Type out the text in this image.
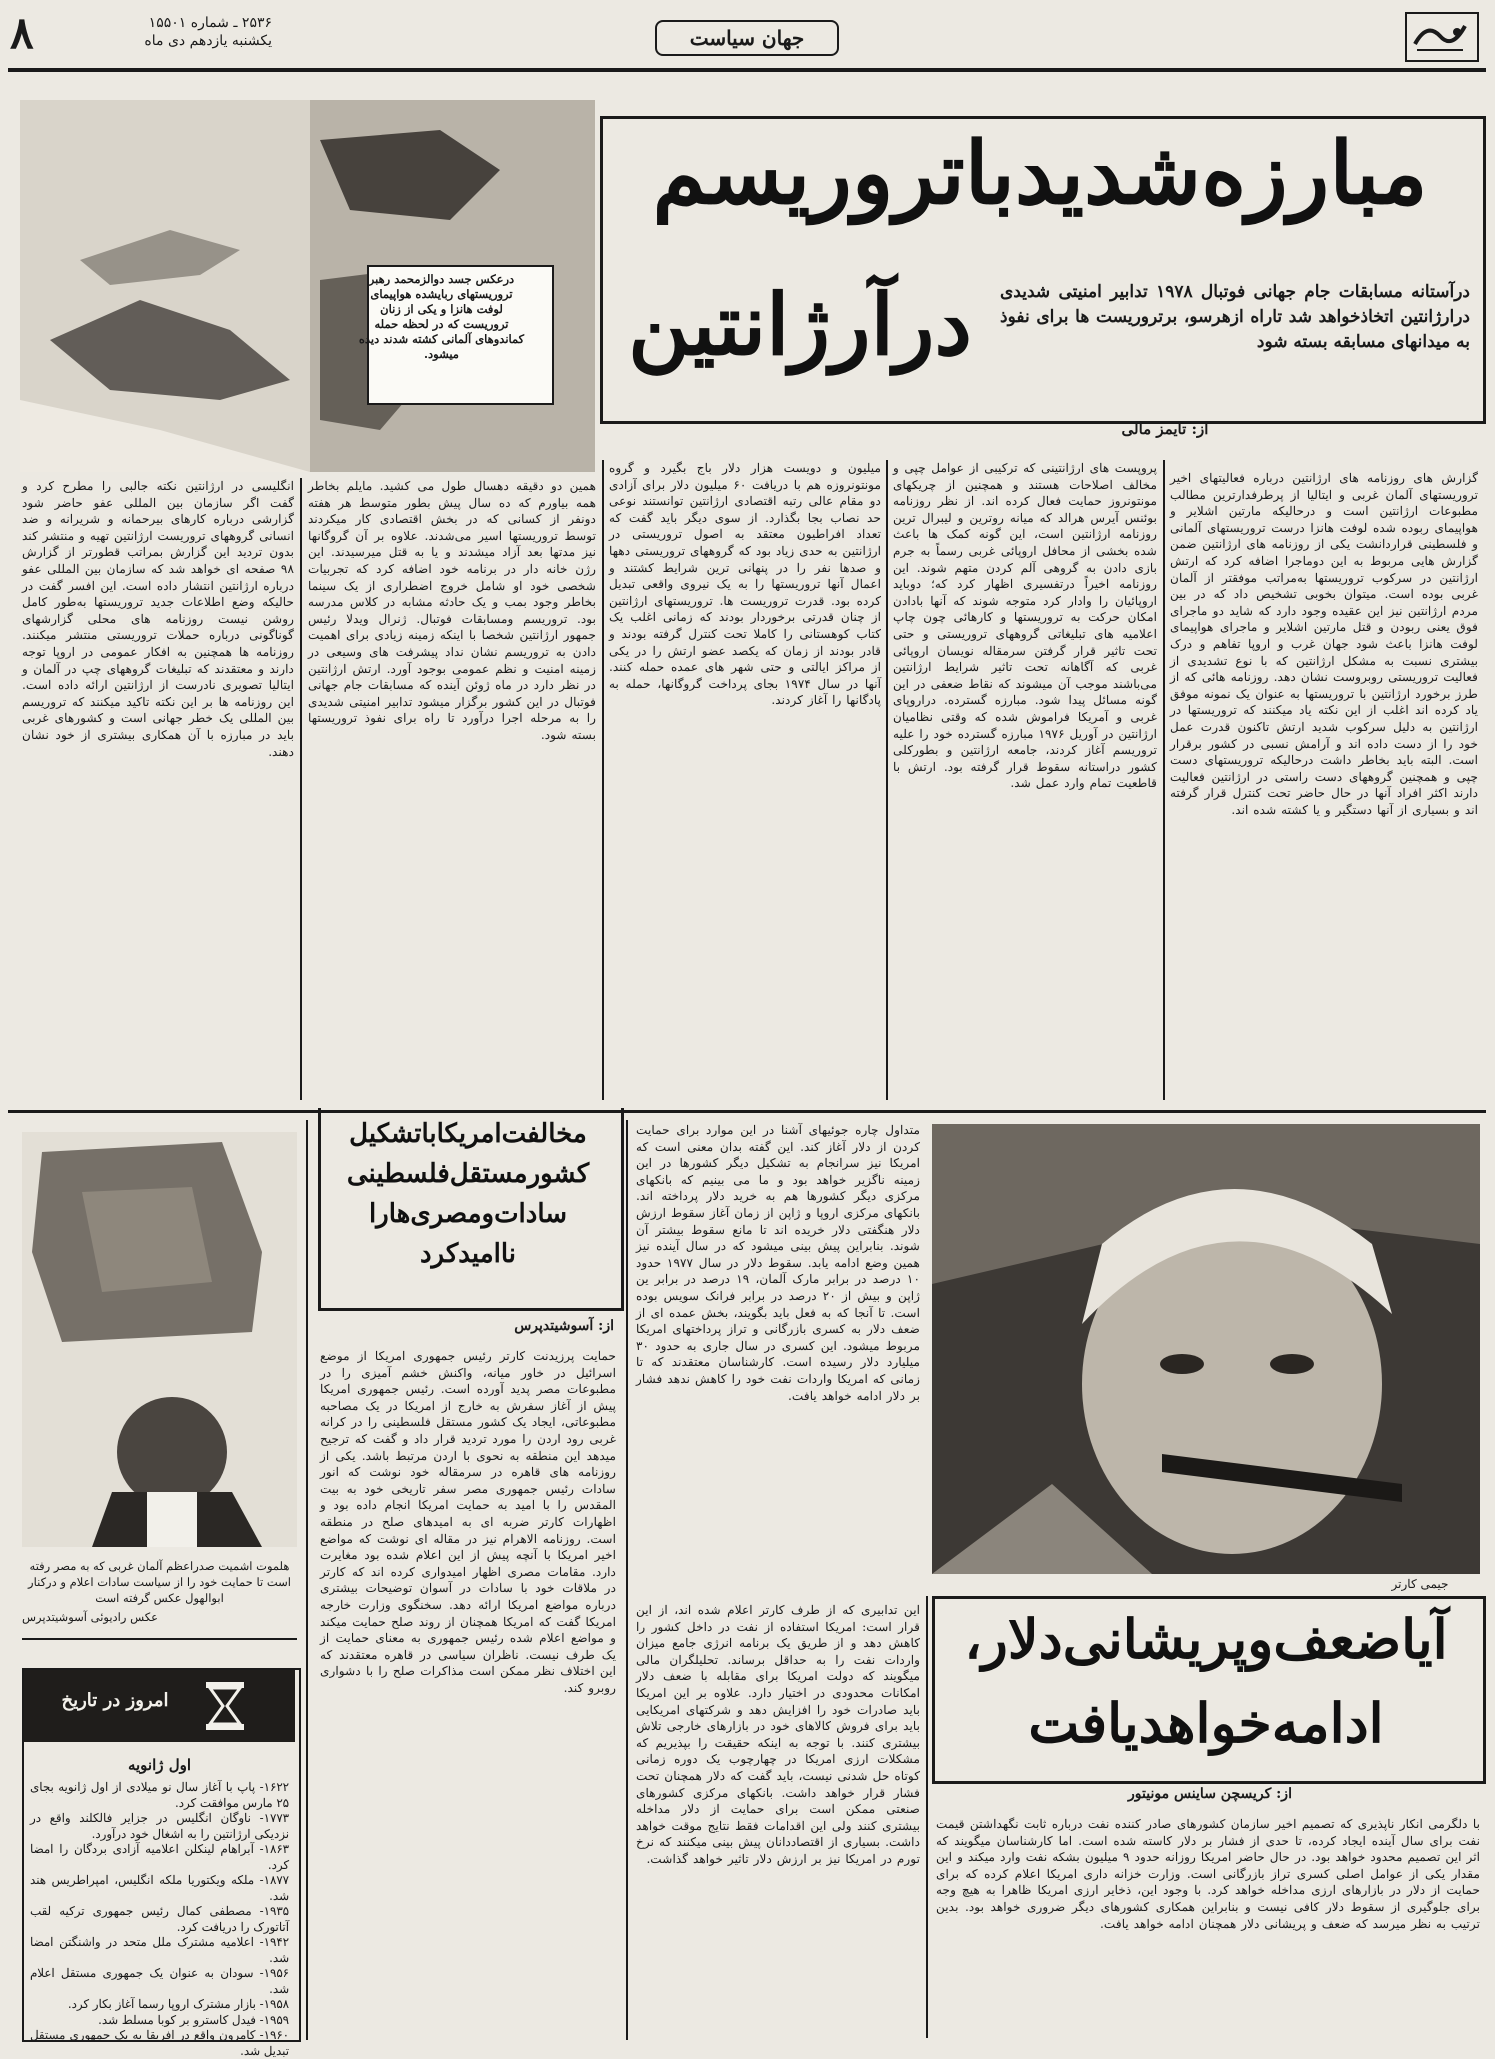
۸	۲۵۳۶ ـ شماره ۱۵۵۰۱
یکشنبه یازدهم دی ماه	جهان سیاست
درعکس جسد دوالزمحمد رهبر تروریستهای ربایشده هواپیمای لوفت هانزا و یکی از زنان تروریست که در لحظه حمله کماندوهای آلمانی کشته شدند دیده میشود.
مبارزه‌شدید‌باترور‌یسم
درآرژانتین	درآستانه مسابقات جام جهانی فوتبال ۱۹۷۸ تدابیر امنیتی شدیدی درارژانتین اتخاذخواهد شد تاراه ازهرسو، برتروریست ها برای نفوذ به میدانهای مسابقه بسته شود
از: تایمز مالی
گزارش های روزنامه های ارژانتین درباره فعالیتهای اخیر تروریستهای آلمان غربی و ایتالیا از پرطرفدارترین مطالب مطبوعات ارژانتین است و درحالیکه مارتین اشلایر و هواپیمای ربوده شده لوفت هانزا درست تروریستهای آلمانی و فلسطینی قراردانشت یکی از روزنامه های ارژانتین ضمن گزارش هایی مربوط به این دوماجرا اضافه کرد که ارتش ارژانتین در سرکوب تروریستها به‌مراتب موفقتر از آلمان غربی بوده است. میتوان بخوبی تشخیص داد که در بین مردم ارژانتین نیز این عقیده وجود دارد که شاید دو ماجرای فوق یعنی ربودن و قتل مارتین اشلایر و ماجرای هواپیمای لوفت هانزا باعث شود جهان غرب و اروپا تفاهم و درک بیشتری نسبت به مشکل ارژانتین که با نوع تشدیدی از فعالیت تروریستی روبروست نشان دهد. روزنامه هائی که از طرز برخورد ارژانتین با تروریستها به عنوان یک نمونه موفق یاد کرده اند اغلب از این نکته یاد میکنند که تروریستها در ارژانتین به دلیل سرکوب شدید ارتش تاکنون قدرت عمل خود را از دست داده اند و آرامش نسبی در کشور برقرار است. البته باید بخاطر داشت درحالیکه تروریستهای دست چپی و همچنین گروههای دست راستی در ارژانتین فعالیت دارند اکثر افراد آنها در حال حاضر تحت کنترل قرار گرفته اند و بسیاری از آنها دستگیر و یا کشته شده اند.
پروپست های ارژانتینی که ترکیبی از عوامل چپی و مخالف اصلاحات هستند و همچنین از چریکهای مونتونروز حمایت فعال کرده اند. از نظر روزنامه بوئنس آیرس هرالد که میانه روترین و لیبرال ترین روزنامه ارژانتین است، این گونه کمک ها باعث شده بخشی از محافل اروپائی غربی رسماً به جرم بازی دادن به گروهی آلم کردن متهم شوند. این روزنامه اخیراً درتفسیری اظهار کرد که؛ دوباید اروپائیان را وادار کرد متوجه شوند که آنها بادادن امکان حرکت به تروریستها و کارهائی چون چاپ اعلامیه های تبلیغاتی گروههای تروریستی و حتی تحت تاثیر قرار گرفتن سرمقاله نویسان اروپائی غربی که آگاهانه تحت تاثیر شرایط ارژانتین می‌باشند موجب آن میشوند که نقاط ضعفی در این گونه مسائل پیدا شود. مبارزه گسترده. دراروپای غربی و آمریکا فراموش شده که وقتی نظامیان ارژانتین در آوریل ۱۹۷۶ مبارزه گسترده خود را علیه تروریسم آغاز کردند، جامعه ارژانتین و بطورکلی کشور دراستانه سقوط قرار گرفته بود. ارتش با قاطعیت تمام وارد عمل شد.
میلیون و دویست هزار دلار باج بگیرد و گروه مونتونروزه هم با دریافت ۶۰ میلیون دلار برای آزادی دو مقام عالی رتبه اقتصادی ارژانتین توانستند نوعی حد نصاب بجا بگذارد. از سوی دیگر باید گفت که تعداد افراطیون معتقد به اصول تروریستی در ارژانتین به حدی زیاد بود که گروههای تروریستی دهها و صدها نفر را در پنهانی ترین شرایط کشتند و اعمال آنها تروریستها را به یک نیروی واقعی تبدیل کرده بود. قدرت تروریست ها. تروریستهای ارژانتین از چنان قدرتی برخوردار بودند که زمانی اغلب یک کتاب کوهستانی را کاملا تحت کنترل گرفته بودند و قادر بودند از زمان که یکصد عضو ارتش را در یکی از مراکز ایالتی و حتی شهر های عمده حمله کنند. آنها در سال ۱۹۷۴ بجای پرداخت گروگانها، حمله به پادگانها را آغاز کردند.
همین دو دقیقه دهسال طول می کشید. مایلم بخاطر همه بیاورم که ده سال پیش بطور متوسط هر هفته دونفر از کسانی که در بخش اقتصادی کار میکردند توسط تروریستها اسیر می‌شدند. علاوه بر آن گروگانها نیز مدتها بعد آزاد میشدند و یا به قتل میرسیدند. این رژن خانه دار در برنامه خود اضافه کرد که تجربیات شخصی خود او شامل خروج اضطراری از یک سینما بخاطر وجود بمب و یک حادثه مشابه در کلاس مدرسه بود. تروریسم ومسابقات فوتبال. ژنرال ویدلا رئیس جمهور ارژانتین شخصا با اینکه زمینه زیادی برای اهمیت دادن به تروریسم نشان نداد پیشرفت های وسیعی در زمینه امنیت و نظم عمومی بوجود آورد. ارتش ارژانتین در نظر دارد در ماه ژوئن آینده که مسابقات جام جهانی فوتبال در این کشور برگزار میشود تدابیر امنیتی شدیدی را به مرحله اجرا درآورد تا راه برای نفوذ تروریستها بسته شود.
انگلیسی در ارژانتین نکته جالبی را مطرح کرد و گفت اگر سازمان بین المللی عفو حاضر شود گزارشی درباره کارهای بیرحمانه و شریرانه و ضد انسانی گروههای تروریست ارژانتین تهیه و منتشر کند بدون تردید این گزارش بمراتب قطورتر از گزارش ۹۸ صفحه ای خواهد شد که سازمان بین المللی عفو درباره ارژانتین انتشار داده است. این افسر گفت در حالیکه وضع اطلاعات جدید تروریستها به‌طور کامل روشن نیست روزنامه های محلی گزارشهای گوناگونی درباره حملات تروریستی منتشر میکنند. روزنامه ها همچنین به افکار عمومی در اروپا توجه دارند و معتقدند که تبلیغات گروههای چپ در آلمان و ایتالیا تصویری نادرست از ارژانتین ارائه داده است. این روزنامه ها بر این نکته تاکید میکنند که تروریسم بین المللی یک خطر جهانی است و کشورهای غربی باید در مبارزه با آن همکاری بیشتری از خود نشان دهند.
هلموت اشمیت صدراعظم آلمان غربی که به مصر رفته است تا حمایت خود را از سیاست سادات اعلام و درکنار ابوالهول عکس گرفته است
عکس رادیوئی آسوشیتدپرس
امروز در تاریخ
اول ژانویه
۱۶۲۲- پاپ با آغاز سال نو میلادی از اول ژانویه بجای ۲۵ مارس موافقت کرد.
۱۷۷۳- ناوگان انگلیس در جزایر فالکلند واقع در نزدیکی ارژانتین را به اشغال خود درآورد.
۱۸۶۳- آبراهام لینکلن اعلامیه آزادی بردگان را امضا کرد.
۱۸۷۷- ملکه ویکتوریا ملکه انگلیس، امپراطریس هند شد.
۱۹۳۵- مصطفی کمال رئیس جمهوری ترکیه لقب آتاتورک را دریافت کرد.
۱۹۴۲- اعلامیه مشترک ملل متحد در واشنگتن امضا شد.
۱۹۵۶- سودان به عنوان یک جمهوری مستقل اعلام شد.
۱۹۵۸- بازار مشترک اروپا رسما آغاز بکار کرد.
۱۹۵۹- فیدل کاسترو بر کوبا مسلط شد.
۱۹۶۰- کامرون واقع در افریقا به یک جمهوری مستقل تبدیل شد.
مخالفت‌امریکاباتشکیل
کشورمستقل‌فلسطینی
سادات‌ومصری‌هارا
ناامیدکرد
از: آسوشیتدپرس
حمایت پرزیدنت کارتر رئیس جمهوری امریکا از موضع اسرائیل در خاور میانه، واکنش خشم آمیزی را در مطبوعات مصر پدید آورده است. رئیس جمهوری امریکا پیش از آغاز سفرش به خارج از امریکا در یک مصاحبه مطبوعاتی، ایجاد یک کشور مستقل فلسطینی را در کرانه غربی رود اردن را مورد تردید قرار داد و گفت که ترجیح میدهد این منطقه به نحوی با اردن مرتبط باشد. یکی از روزنامه های قاهره در سرمقاله خود نوشت که انور سادات رئیس جمهوری مصر سفر تاریخی خود به بیت المقدس را با امید به حمایت امریکا انجام داده بود و اظهارات کارتر ضربه ای به امیدهای صلح در منطقه است. روزنامه الاهرام نیز در مقاله ای نوشت که مواضع اخیر امریکا با آنچه پیش از این اعلام شده بود مغایرت دارد. مقامات مصری اظهار امیدواری کرده اند که کارتر در ملاقات خود با سادات در آسوان توضیحات بیشتری درباره مواضع امریکا ارائه دهد. سخنگوی وزارت خارجه امریکا گفت که امریکا همچنان از روند صلح حمایت میکند و مواضع اعلام شده رئیس جمهوری به معنای حمایت از یک طرف نیست. ناظران سیاسی در قاهره معتقدند که این اختلاف نظر ممکن است مذاکرات صلح را با دشواری روبرو کند.
متداول چاره جوئیهای آشنا در این موارد برای حمایت کردن از دلار آغاز کند. این گفته بدان معنی است که امریکا نیز سرانجام به تشکیل دیگر کشورها در این زمینه ناگزیر خواهد بود و ما می بینیم که بانکهای مرکزی دیگر کشورها هم به خرید دلار پرداخته اند. بانکهای مرکزی اروپا و ژاپن از زمان آغاز سقوط ارزش دلار هنگفتی دلار خریده اند تا مانع سقوط بیشتر آن شوند. بنابراین پیش بینی میشود که در سال آینده نیز همین وضع ادامه یابد. سقوط دلار در سال ۱۹۷۷ حدود ۱۰ درصد در برابر مارک آلمان، ۱۹ درصد در برابر ین ژاپن و بیش از ۲۰ درصد در برابر فرانک سویس بوده است. تا آنجا که به فعل باید بگویند، بخش عمده ای از ضعف دلار به کسری بازرگانی و تراز پرداختهای امریکا مربوط میشود. این کسری در سال جاری به حدود ۳۰ میلیارد دلار رسیده است. کارشناسان معتقدند که تا زمانی که امریکا واردات نفت خود را کاهش ندهد فشار بر دلار ادامه خواهد یافت.
جیمی کارتر
آیاضعف‌وپریشانی‌دلار،
ادامه‌خواهدیافت
از: کریسچن ساینس مونیتور
این تدابیری که از طرف کارتر اعلام شده اند، از این قرار است: امریکا استفاده از نفت در داخل کشور را کاهش دهد و از طریق یک برنامه انرژی جامع میزان واردات نفت را به حداقل برساند. تحلیلگران مالی میگویند که دولت امریکا برای مقابله با ضعف دلار امکانات محدودی در اختیار دارد. علاوه بر این امریکا باید صادرات خود را افزایش دهد و شرکتهای امریکایی باید برای فروش کالاهای خود در بازارهای خارجی تلاش بیشتری کنند. با توجه به اینکه حقیقت را بپذیریم که مشکلات ارزی امریکا در چهارچوب یک دوره زمانی کوتاه حل شدنی نیست، باید گفت که دلار همچنان تحت فشار قرار خواهد داشت. بانکهای مرکزی کشورهای صنعتی ممکن است برای حمایت از دلار مداخله بیشتری کنند ولی این اقدامات فقط نتایج موقت خواهد داشت. بسیاری از اقتصاددانان پیش بینی میکنند که نرخ تورم در امریکا نیز بر ارزش دلار تاثیر خواهد گذاشت.
با دلگرمی انکار ناپذیری که تصمیم اخیر سازمان کشورهای صادر کننده نفت درباره ثابت نگهداشتن قیمت نفت برای سال آینده ایجاد کرده، تا حدی از فشار بر دلار کاسته شده است. اما کارشناسان میگویند که اثر این تصمیم محدود خواهد بود. در حال حاضر امریکا روزانه حدود ۹ میلیون بشکه نفت وارد میکند و این مقدار یکی از عوامل اصلی کسری تراز بازرگانی است. وزارت خزانه داری امریکا اعلام کرده که برای حمایت از دلار در بازارهای ارزی مداخله خواهد کرد. با وجود این، ذخایر ارزی امریکا ظاهرا به هیچ وجه برای جلوگیری از سقوط دلار کافی نیست و بنابراین همکاری کشورهای دیگر ضروری خواهد بود. بدین ترتیب به نظر میرسد که ضعف و پریشانی دلار همچنان ادامه خواهد یافت.
